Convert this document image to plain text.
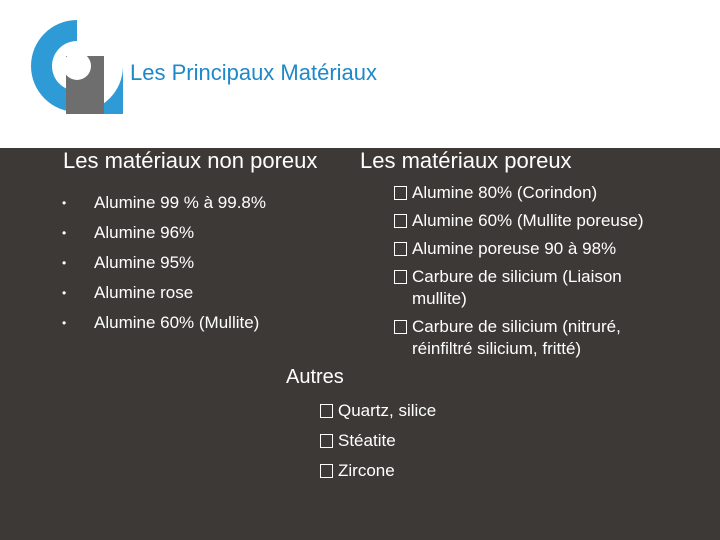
Les Principaux Matériaux
Les matériaux non poreux Les matériaux poreux
• Alumine 99 % à 99.8%
• Alumine 96%
• Alumine 95%
• Alumine rose
• Alumine 60% (Mullite)
Alumine 80% (Corindon)
Alumine 60% (Mullite poreuse)
Alumine poreuse 90 à 98%
Carbure de silicium (Liaison
mullite)
Carbure de silicium (nitruré,
réinfiltré silicium, fritté)
Autres
Quartz, silice
Stéatite
Zircone
